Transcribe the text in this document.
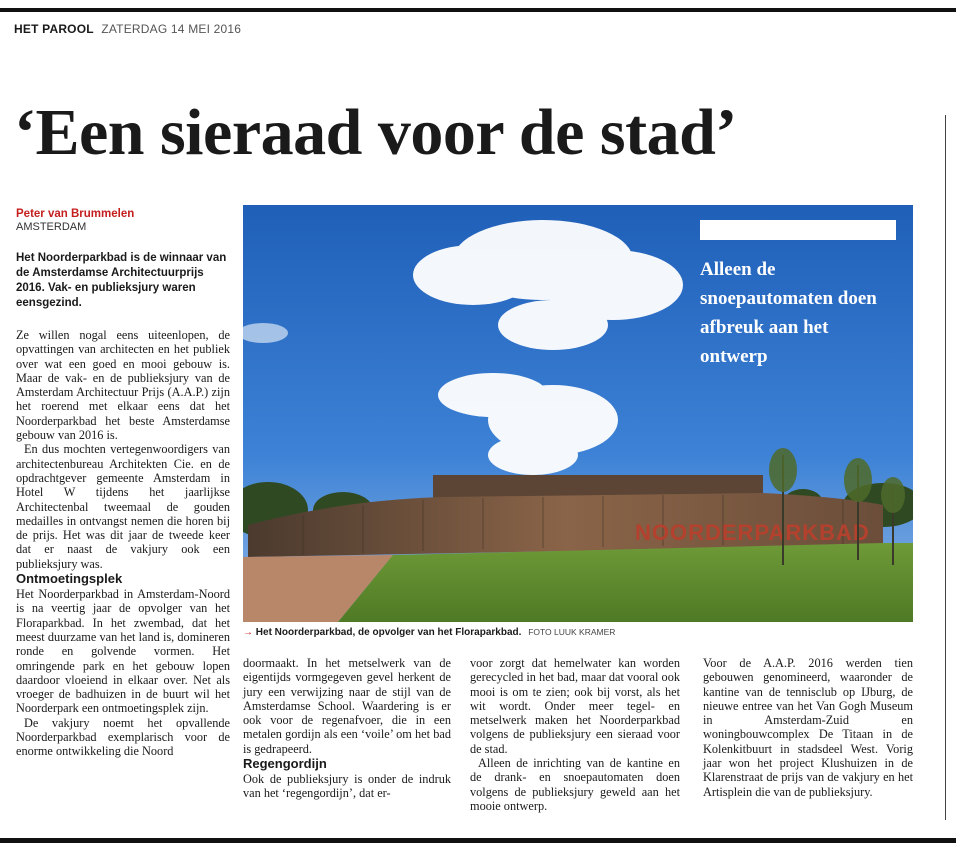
HET PAROOL ZATERDAG 14 MEI 2016
‘Een sieraad voor de stad’
Peter van Brummelen
AMSTERDAM
Het Noorderparkbad is de winnaar van de Amsterdamse Architectuurprijs 2016. Vak- en publieksjury waren eensgezind.

Ze willen nogal eens uiteenlopen, de opvattingen van architecten en het publiek over wat een goed en mooi gebouw is. Maar de vak- en de publieksjury van de Amsterdam Architectuur Prijs (A.A.P.) zijn het roerend met elkaar eens dat het Noorderparkbad het beste Amsterdamse gebouw van 2016 is.

En dus mochten vertegenwoordigers van architectenbureau Architekten Cie. en de opdrachtgever gemeente Amsterdam in Hotel W tijdens het jaarlijkse Architectenbal tweemaal de gouden medailles in ontvangst nemen die horen bij de prijs. Het was dit jaar de tweede keer dat er naast de vakjury ook een publieksjury was.

Ontmoetingsplek

Het Noorderparkbad in Amsterdam-Noord is na veertig jaar de opvolger van het Floraparkbad. In het zwembad, dat het meest duurzame van het land is, domineren ronde en golvende vormen. Het omringende park en het gebouw lopen daardoor vloeiend in elkaar over. Net als vroeger de badhuizen in de buurt wil het Noorderpark een ontmoetingsplek zijn.

De vakjury noemt het opvallende Noorderparkbad exemplarisch voor de enorme ontwikkeling die Noord

NOORDERPARKBAD
Alleen de snoepautomaten doen afbreuk aan het ontwerp
→ Het Noorderparkbad, de opvolger van het Floraparkbad. FOTO LUUK KRAMER

doormaakt. In het metselwerk van de eigentijds vormgegeven gevel herkent de jury een verwijzing naar de stijl van de Amsterdamse School. Waardering is er ook voor de regenafvoer, die in een metalen gordijn als een ‘voile’ om het bad is gedrapeerd.

Regengordijn

Ook de publieksjury is onder de indruk van het ‘regengordijn’, dat er-

voor zorgt dat hemelwater kan worden gerecycled in het bad, maar dat vooral ook mooi is om te zien; ook bij vorst, als het wit wordt. Onder meer tegel- en metselwerk maken het Noorderparkbad volgens de publieksjury een sieraad voor de stad.

Alleen de inrichting van de kantine en de drank- en snoepautomaten doen volgens de publieksjury geweld aan het mooie ontwerp.

Voor de A.A.P. 2016 werden tien gebouwen genomineerd, waaronder de kantine van de tennisclub op IJburg, de nieuwe entree van het Van Gogh Museum in Amsterdam-Zuid en woningbouwcomplex De Titaan in de Kolenkitbuurt in stadsdeel West. Vorig jaar won het project Klushuizen in de Klarenstraat de prijs van de vakjury en het Artisplein die van de publieksjury.
